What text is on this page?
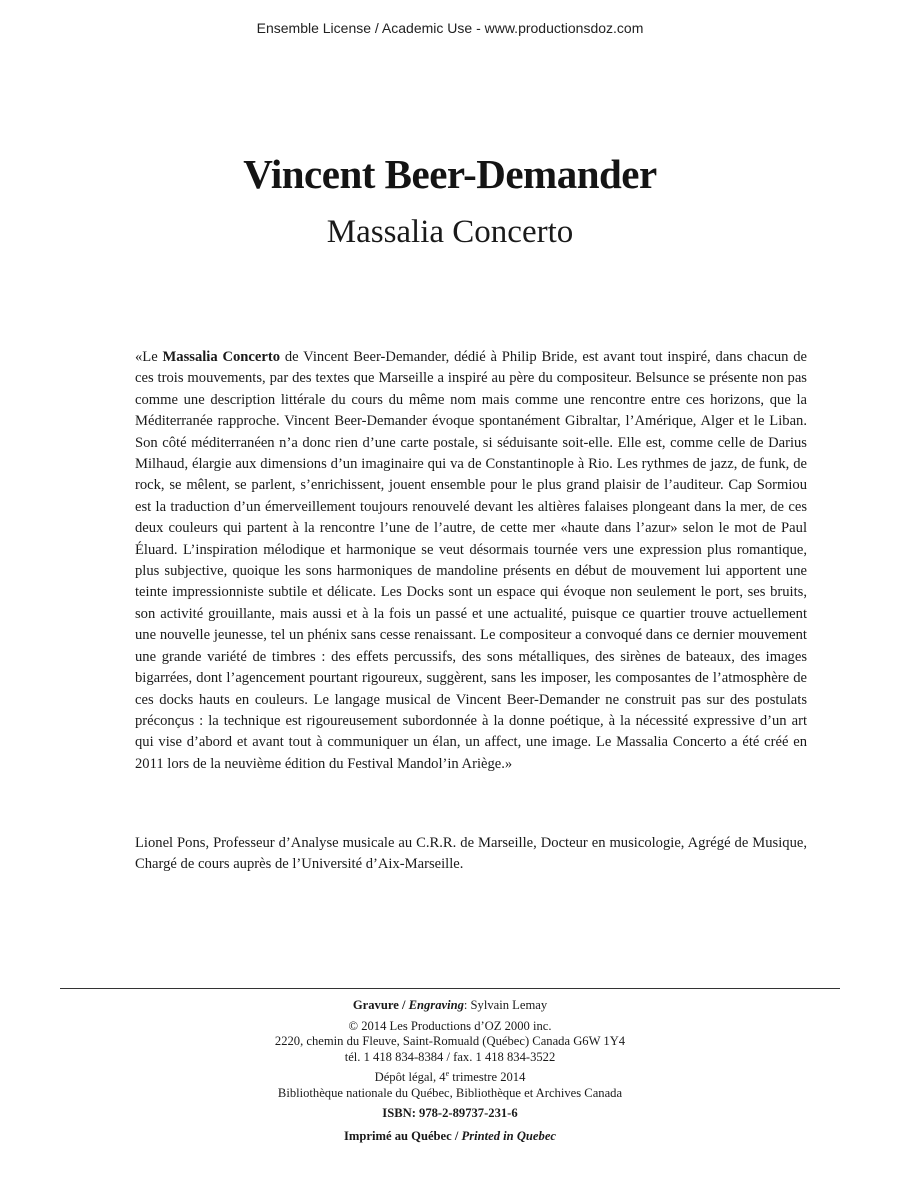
Ensemble License / Academic Use - www.productionsdoz.com
Vincent Beer-Demander
Massalia Concerto

«Le Massalia Concerto de Vincent Beer-Demander, dédié à Philip Bride, est avant tout inspiré, dans chacun de ces trois mouvements, par des textes que Marseille a inspiré au père du compositeur. Belsunce se présente non pas comme une description littérale du cours du même nom mais comme une rencontre entre ces horizons, que la Méditerranée rapproche. Vincent Beer-Demander évoque spontanément Gibraltar, l’Amérique, Alger et le Liban. Son côté méditerranéen n’a donc rien d’une carte postale, si séduisante soit-elle. Elle est, comme celle de Darius Milhaud, élargie aux dimensions d’un imaginaire qui va de Constantinople à Rio. Les rythmes de jazz, de funk, de rock, se mêlent, se parlent, s’enrichissent, jouent ensemble pour le plus grand plaisir de l’auditeur. Cap Sormiou est la traduction d’un émerveillement toujours renouvelé devant les altières falaises plongeant dans la mer, de ces deux couleurs qui partent à la rencontre l’une de l’autre, de cette mer «haute dans l’azur» selon le mot de Paul Éluard. L’inspiration mélodique et harmonique se veut désormais tournée vers une expression plus romantique, plus subjective, quoique les sons harmoniques de mandoline présents en début de mouvement lui apportent une teinte impressionniste subtile et délicate. Les Docks sont un espace qui évoque non seulement le port, ses bruits, son activité grouillante, mais aussi et à la fois un passé et une actualité, puisque ce quartier trouve actuellement une nouvelle jeunesse, tel un phénix sans cesse renaissant. Le compositeur a convoqué dans ce dernier mouvement une grande variété de timbres : des effets percussifs, des sons métalliques, des sirènes de bateaux, des images bigarrées, dont l’agencement pourtant rigoureux, suggèrent, sans les imposer, les composantes de l’atmosphère de ces docks hauts en couleurs. Le langage musical de Vincent Beer-Demander ne construit pas sur des postulats préconçus : la technique est rigoureusement subordonnée à la donne poétique, à la nécessité expressive d’un art qui vise d’abord et avant tout à communiquer un élan, un affect, une image. Le Massalia Concerto a été créé en 2011 lors de la neuvième édition du Festival Mandol’in Ariège.»

Lionel Pons, Professeur d’Analyse musicale au C.R.R. de Marseille, Docteur en musicologie, Agrégé de Musique, Chargé de cours auprès de l’Université d’Aix-Marseille.

Gravure / Engraving: Sylvain Lemay
© 2014 Les Productions d’OZ 2000 inc.
2220, chemin du Fleuve, Saint-Romuald (Québec) Canada G6W 1Y4
tél. 1 418 834-8384 / fax. 1 418 834-3522
Dépôt légal, 4e trimestre 2014
Bibliothèque nationale du Québec, Bibliothèque et Archives Canada
ISBN: 978-2-89737-231-6
Imprimé au Québec / Printed in Quebec
